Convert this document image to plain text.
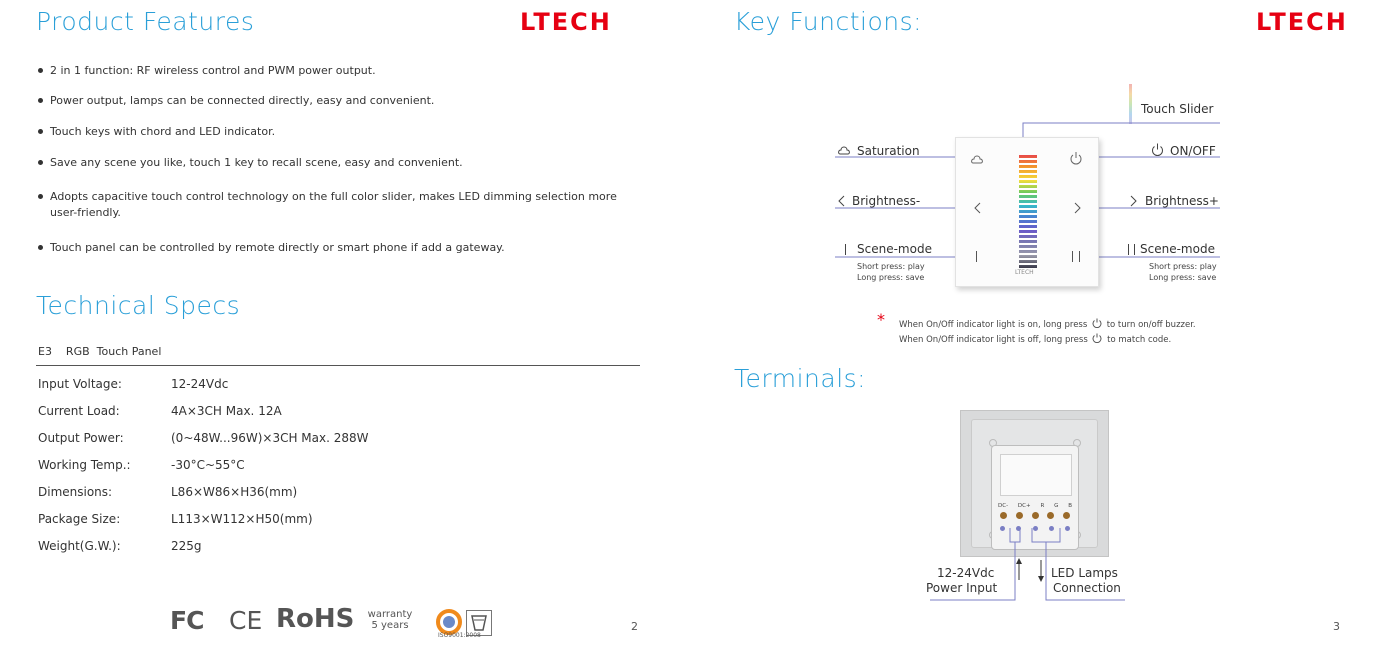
Product Features	LTECH
2 in 1 function: RF wireless control and PWM power output.
Power output, lamps can be connected directly, easy and convenient.
Touch keys with chord and LED indicator.
Save any scene you like, touch 1 key to recall scene, easy and convenient.
Adopts capacitive touch control technology on the full color slider, makes LED dimming selection more user-friendly.
Touch panel can be controlled by remote directly or smart phone if add a gateway.
Technical Specs
E3    RGB  Touch Panel
Input Voltage:	12-24Vdc
Current Load:	4A×3CH Max. 12A
Output Power:	(0~48W...96W)×3CH Max. 288W
Working Temp.:	-30°C~55°C
Dimensions:	L86×W86×H36(mm)
Package Size:	L113×W112×H50(mm)
Weight(G.W.):	225g
FC CE RoHS	warranty
5 years
ISO9001:2008
2
Key Functions:	LTECH
Touch Slider
LTECH
Saturation	ON/OFF
Brightness-	Brightness+
Scene-mode
Short press: play
Long press: save
Scene-mode
Short press: play
Long press: save
* When On/Off indicator light is on, long press to turn on/off buzzer.
When On/Off indicator light is off, long press to match code.
Terminals:
DC- DC+ R G B
12-24Vdc
Power Input
LED Lamps
Connection
3
